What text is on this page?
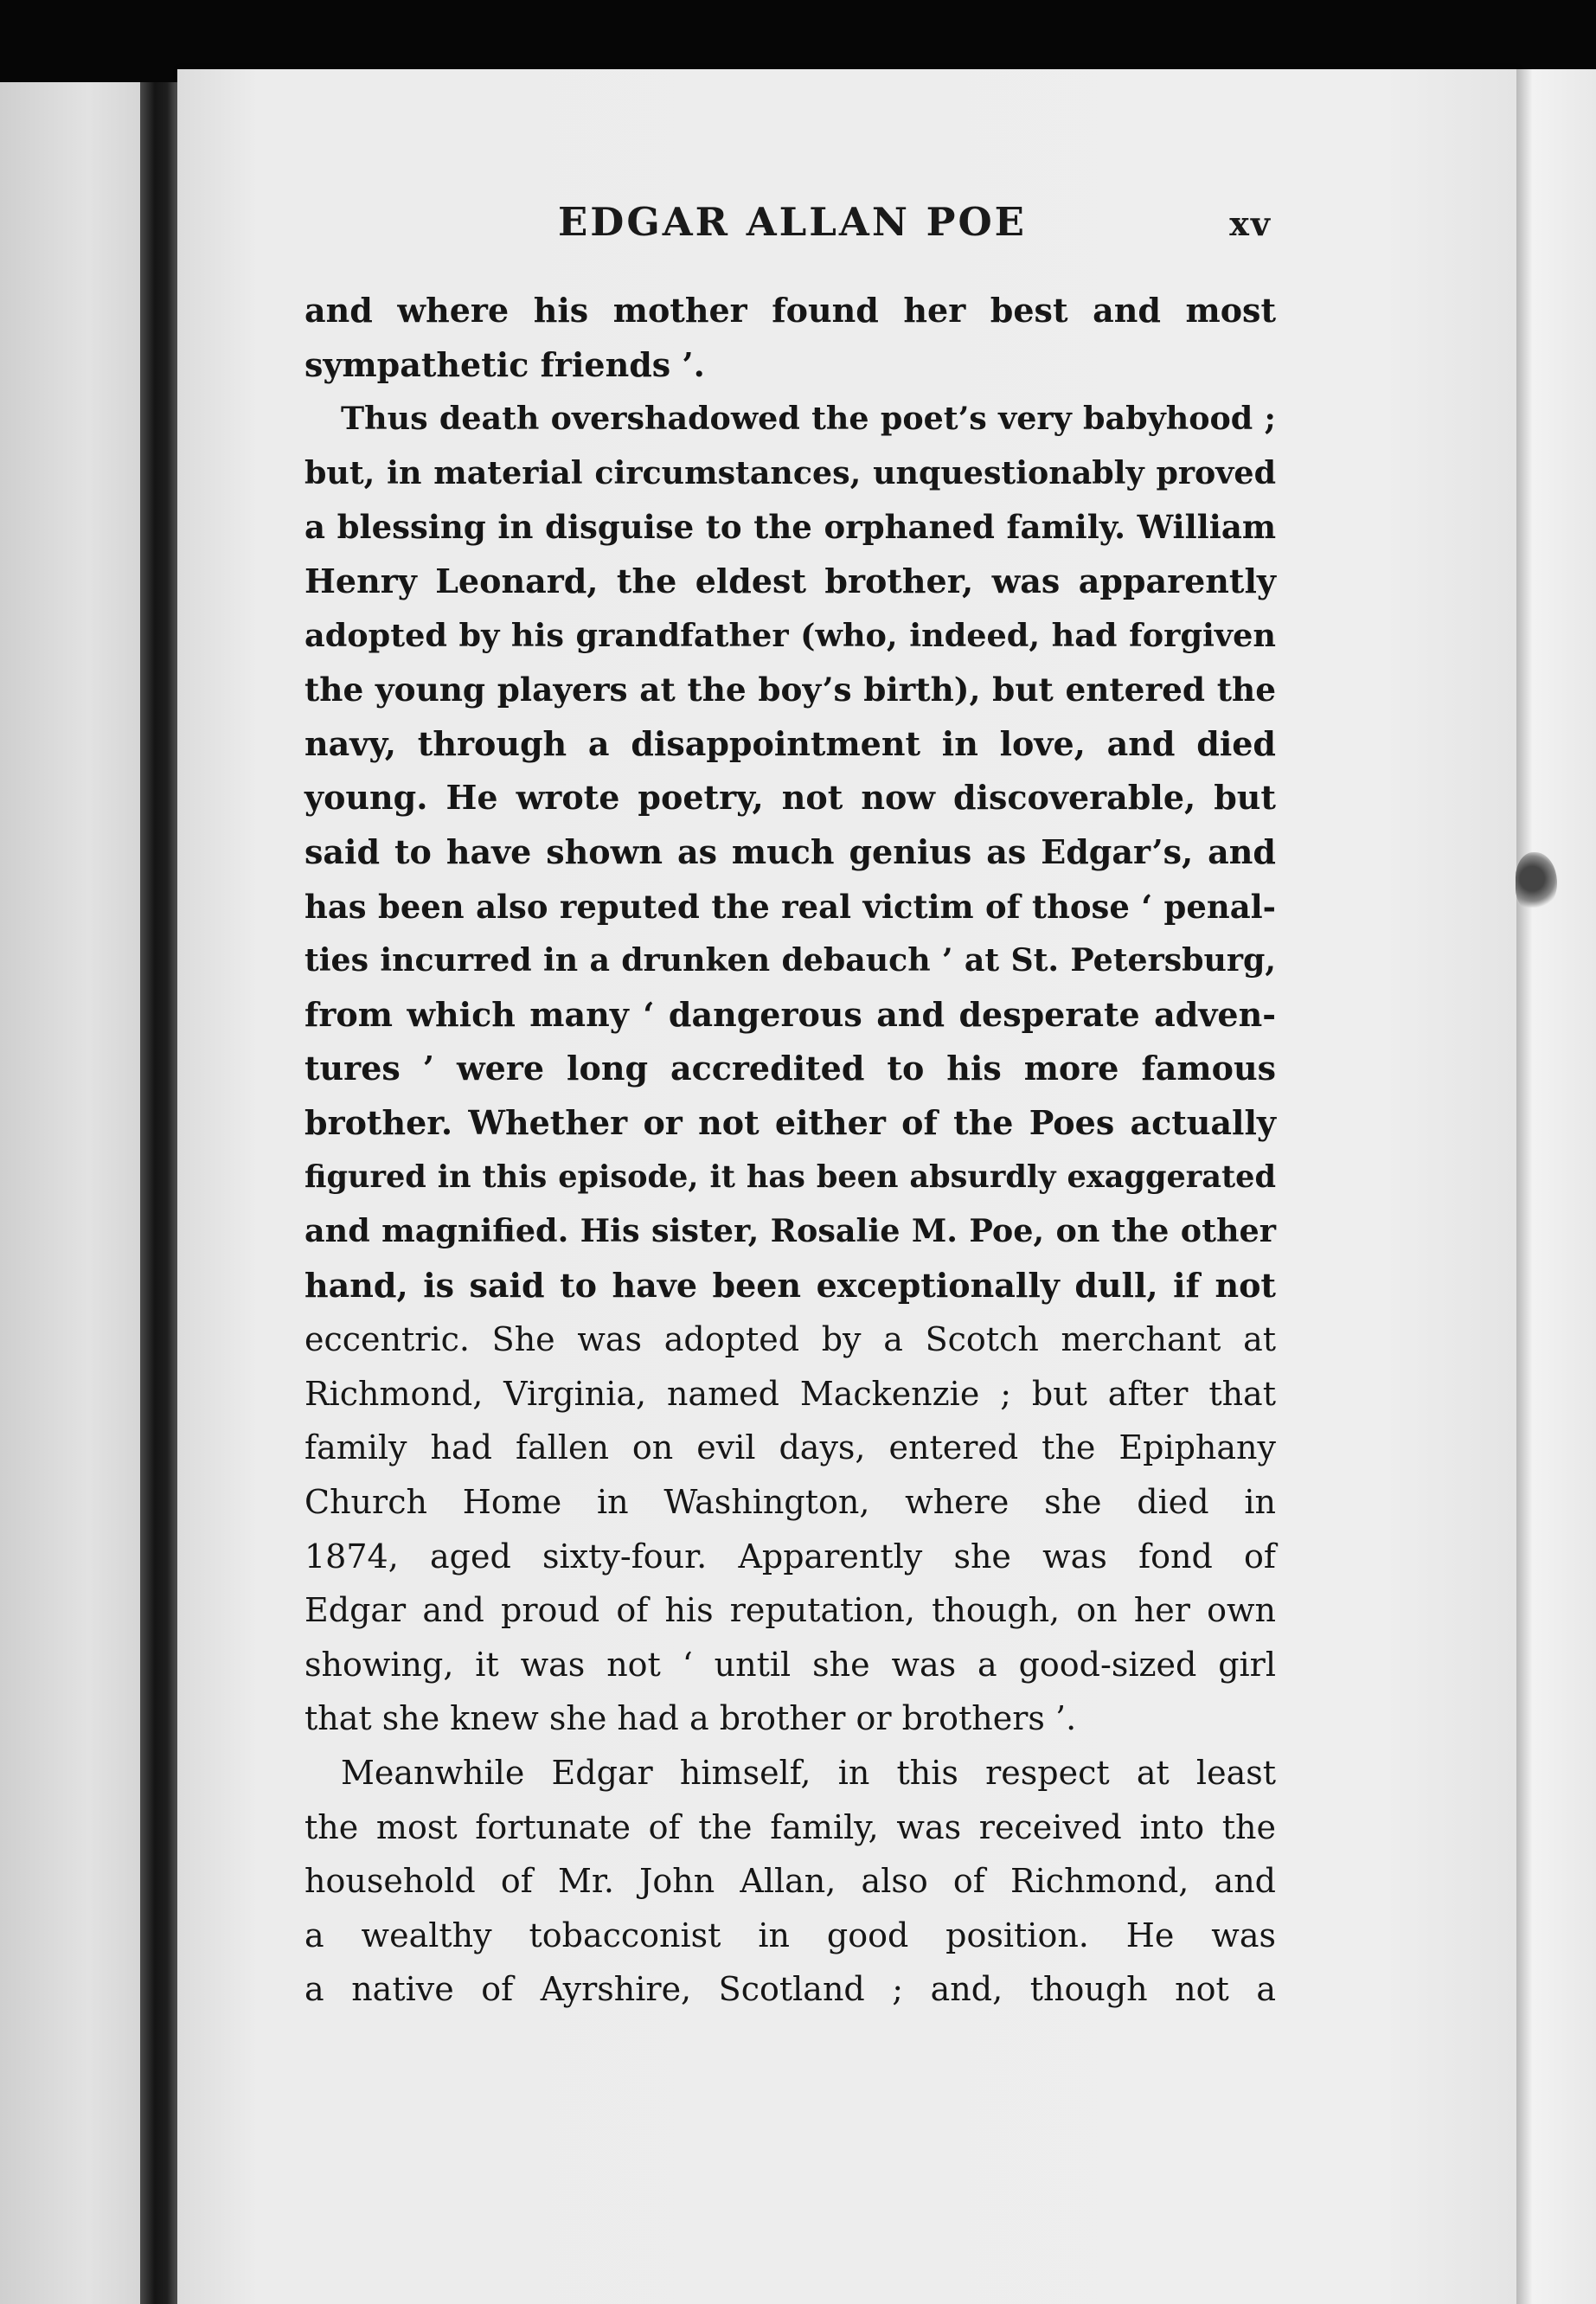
EDGAR ALLAN POE	xv
and where his mother found her best and most
sympathetic friends ’.
Thus death overshadowed the poet’s very babyhood ;
but, in material circumstances, unquestionably proved
a blessing in disguise to the orphaned family. William
Henry Leonard, the eldest brother, was apparently
adopted by his grandfather (who, indeed, had forgiven
the young players at the boy’s birth), but entered the
navy, through a disappointment in love, and died
young. He wrote poetry, not now discoverable, but
said to have shown as much genius as Edgar’s, and
has been also reputed the real victim of those ‘ penal-
ties incurred in a drunken debauch ’ at St. Petersburg,
from which many ‘ dangerous and desperate adven-
tures ’ were long accredited to his more famous
brother. Whether or not either of the Poes actually
figured in this episode, it has been absurdly exaggerated
and magnified. His sister, Rosalie M. Poe, on the other
hand, is said to have been exceptionally dull, if not
eccentric. She was adopted by a Scotch merchant at
Richmond, Virginia, named Mackenzie ; but after that
family had fallen on evil days, entered the Epiphany
Church Home in Washington, where she died in
1874, aged sixty-four. Apparently she was fond of
Edgar and proud of his reputation, though, on her own
showing, it was not ‘ until she was a good-sized girl
that she knew she had a brother or brothers ’.
Meanwhile Edgar himself, in this respect at least
the most fortunate of the family, was received into the
household of Mr. John Allan, also of Richmond, and
a wealthy tobacconist in good position. He was
a native of Ayrshire, Scotland ; and, though not a
